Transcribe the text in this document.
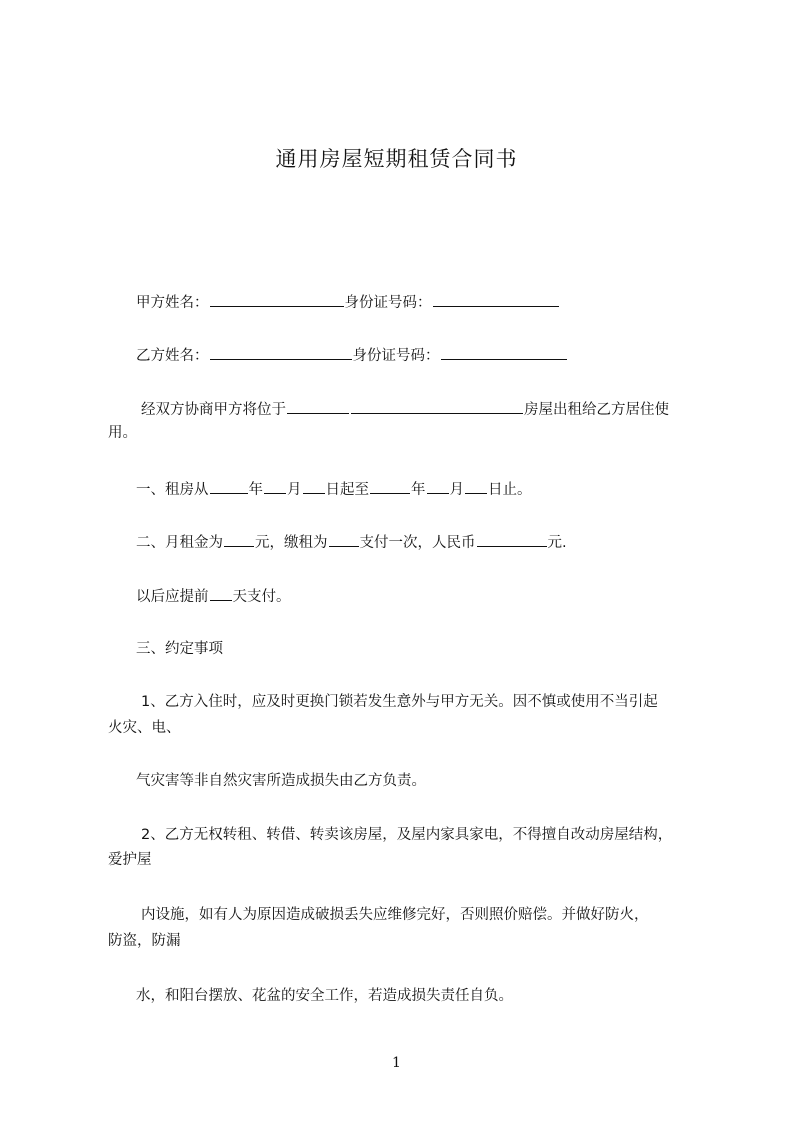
通用房屋短期租赁合同书
甲方姓名：	身份证号码：
乙方姓名：	身份证号码：
经双方协商甲方将位于	房屋出租给乙方居住使
用。
一、租房从	年 月 日起至	年 月 日止。
二、月租金为 元，缴租为 支付一次，人民币	元.
以后应提前 天支付。
三、约定事项
1、乙方入住时，应及时更换门锁若发生意外与甲方无关。因不慎或使用不当引起
火灾、电、
气灾害等非自然灾害所造成损失由乙方负责。
2、乙方无权转租、转借、转卖该房屋，及屋内家具家电，不得擅自改动房屋结构，
爱护屋
内设施，如有人为原因造成破损丢失应维修完好，否则照价赔偿。并做好防火，
防盗，防漏
水，和阳台摆放、花盆的安全工作，若造成损失责任自负。
1
